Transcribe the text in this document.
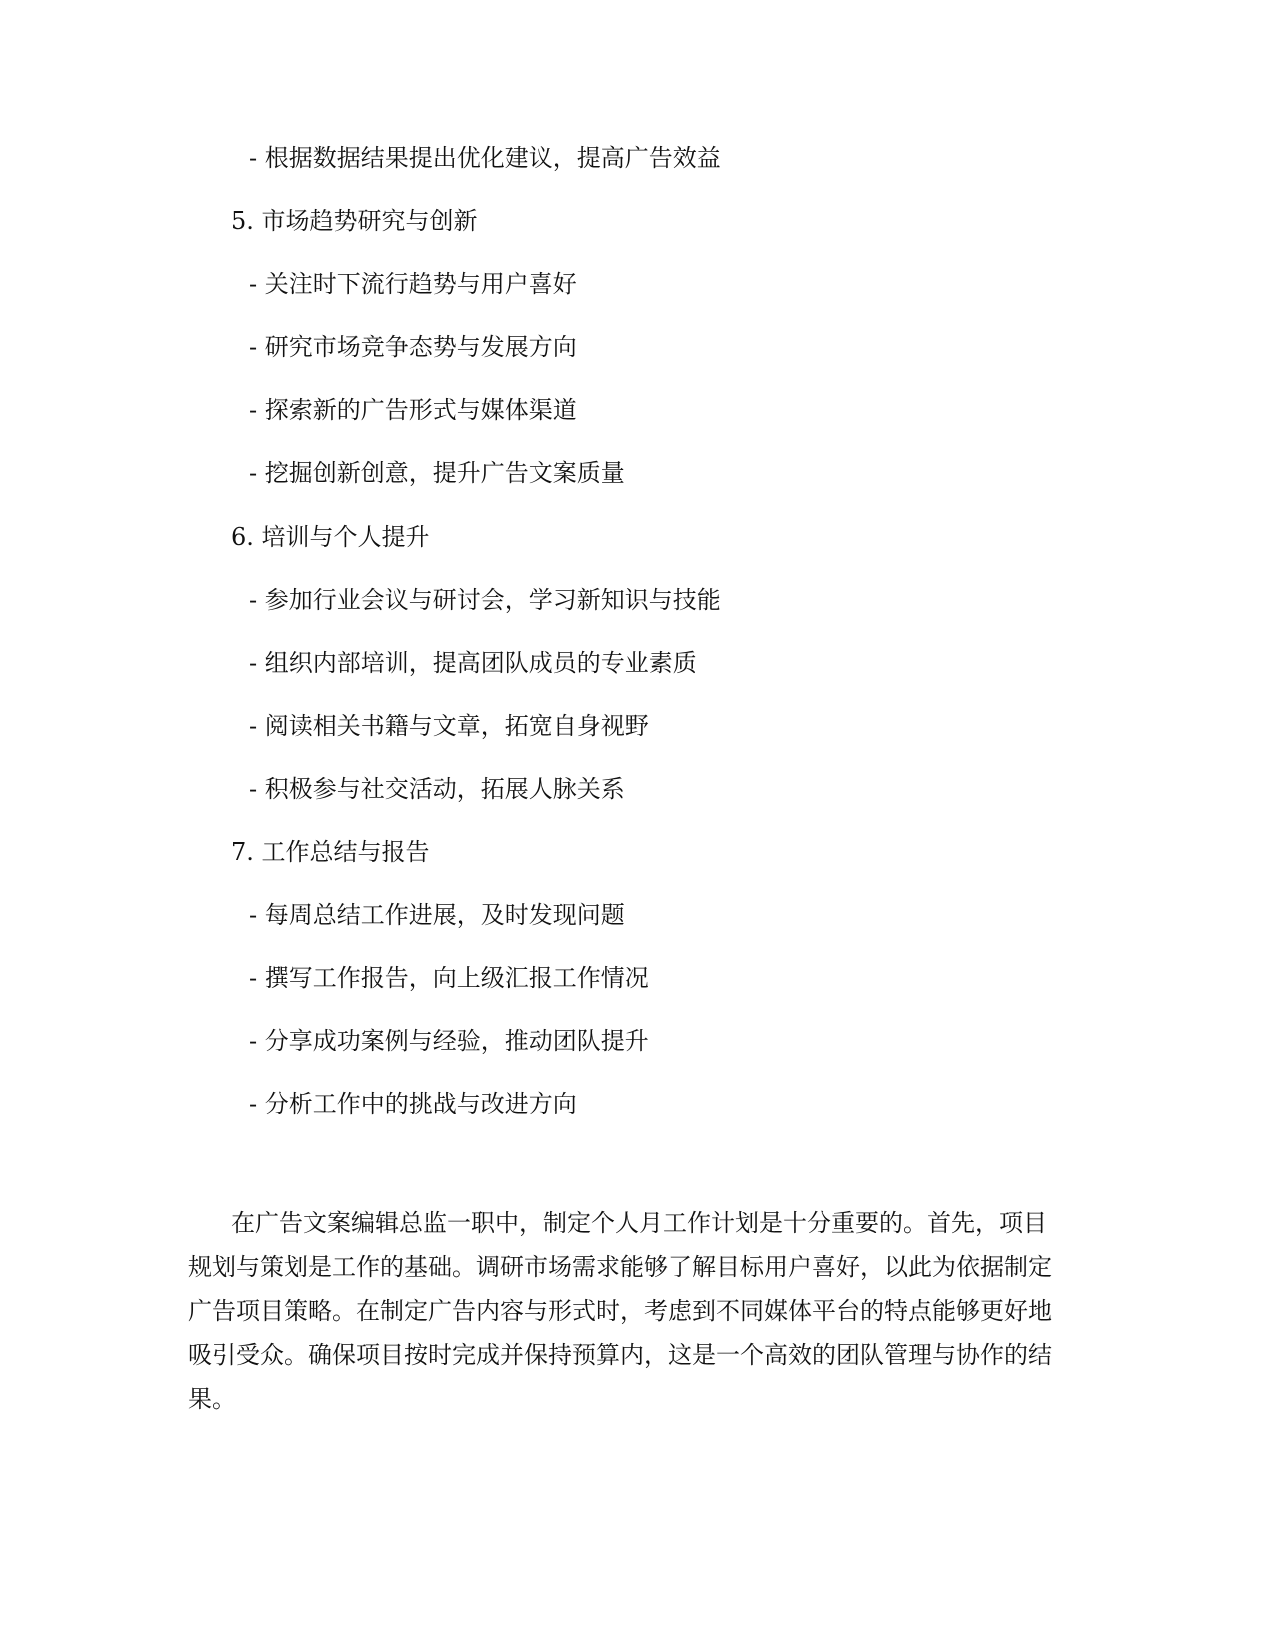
- 根据数据结果提出优化建议，提高广告效益
5. 市场趋势研究与创新
- 关注时下流行趋势与用户喜好
- 研究市场竞争态势与发展方向
- 探索新的广告形式与媒体渠道
- 挖掘创新创意，提升广告文案质量
6. 培训与个人提升
- 参加行业会议与研讨会，学习新知识与技能
- 组织内部培训，提高团队成员的专业素质
- 阅读相关书籍与文章，拓宽自身视野
- 积极参与社交活动，拓展人脉关系
7. 工作总结与报告
- 每周总结工作进展，及时发现问题
- 撰写工作报告，向上级汇报工作情况
- 分享成功案例与经验，推动团队提升
- 分析工作中的挑战与改进方向
在广告文案编辑总监一职中，制定个人月工作计划是十分重要的。首先，项目
规划与策划是工作的基础。调研市场需求能够了解目标用户喜好，以此为依据制定
广告项目策略。在制定广告内容与形式时，考虑到不同媒体平台的特点能够更好地
吸引受众。确保项目按时完成并保持预算内，这是一个高效的团队管理与协作的结
果。
